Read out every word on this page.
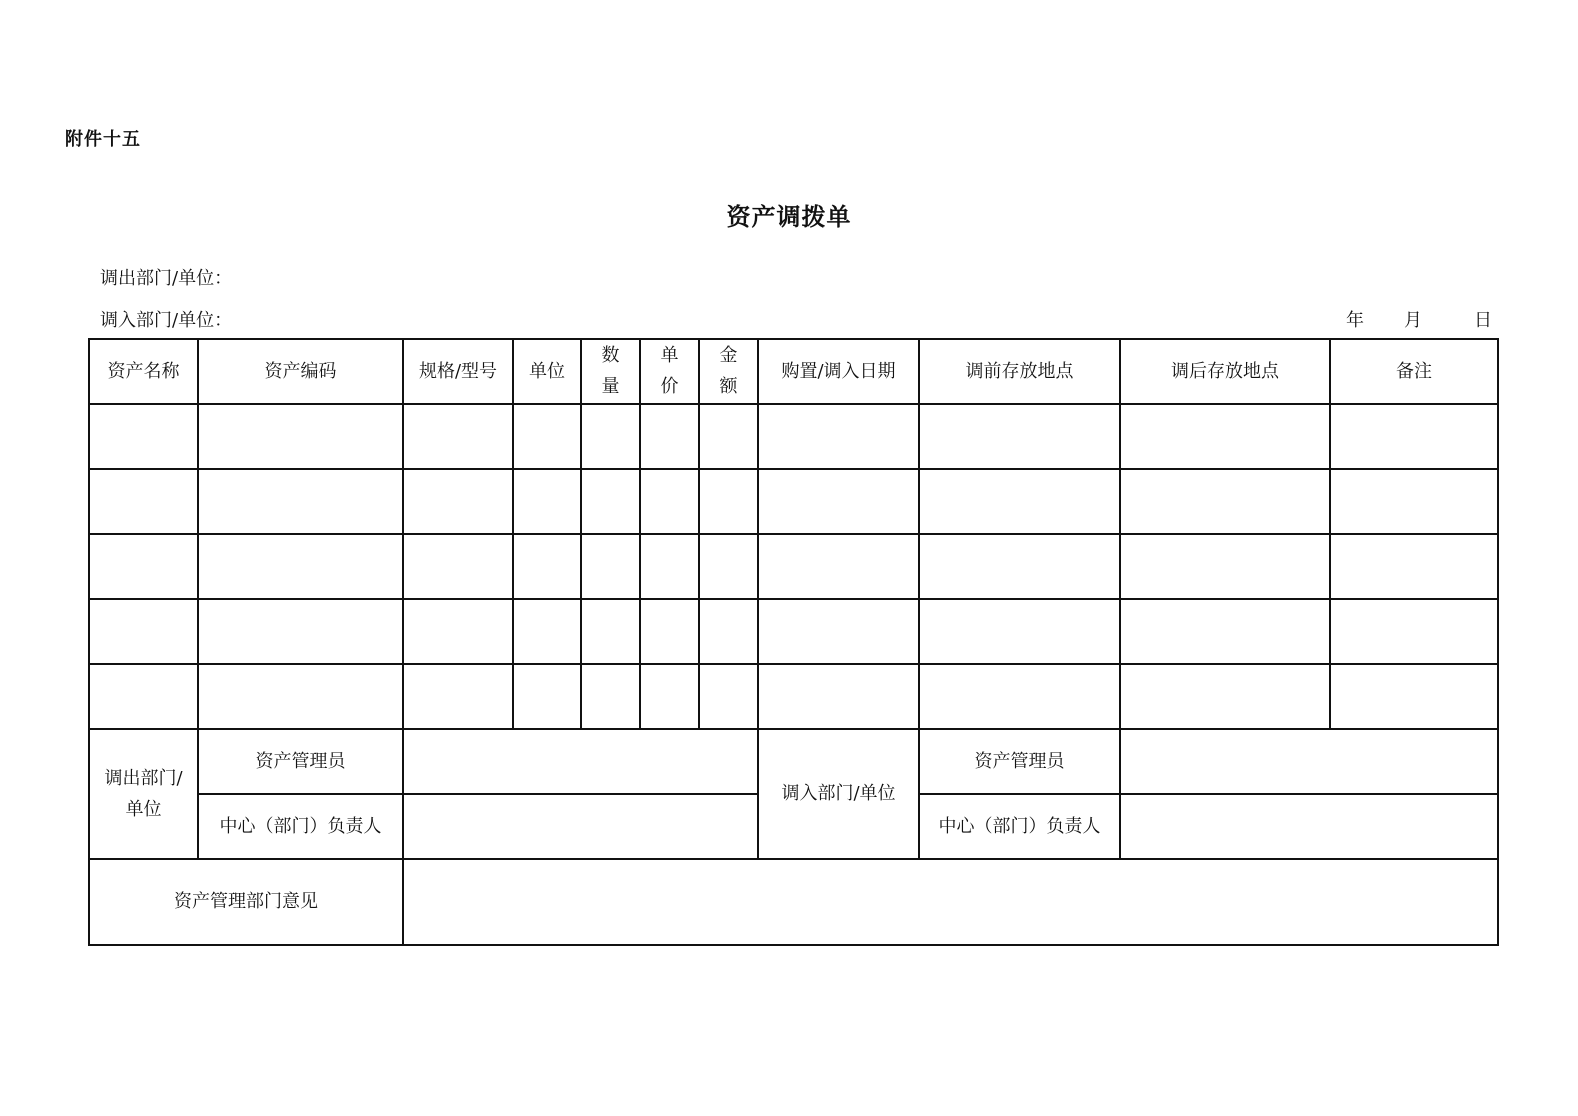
附件十五
资产调拨单
调出部门/单位：
调入部门/单位：	年 月	日
资产名称	资产编码	规格/型号	单位	数量	单价	金额	购置/调入日期	调前存放地点	调后存放地点	备注

调出部门/单位	资产管理员						调入部门/单位	资产管理员		
	中心（部门）负责人							中心（部门）负责人		
资产管理部门意见										
